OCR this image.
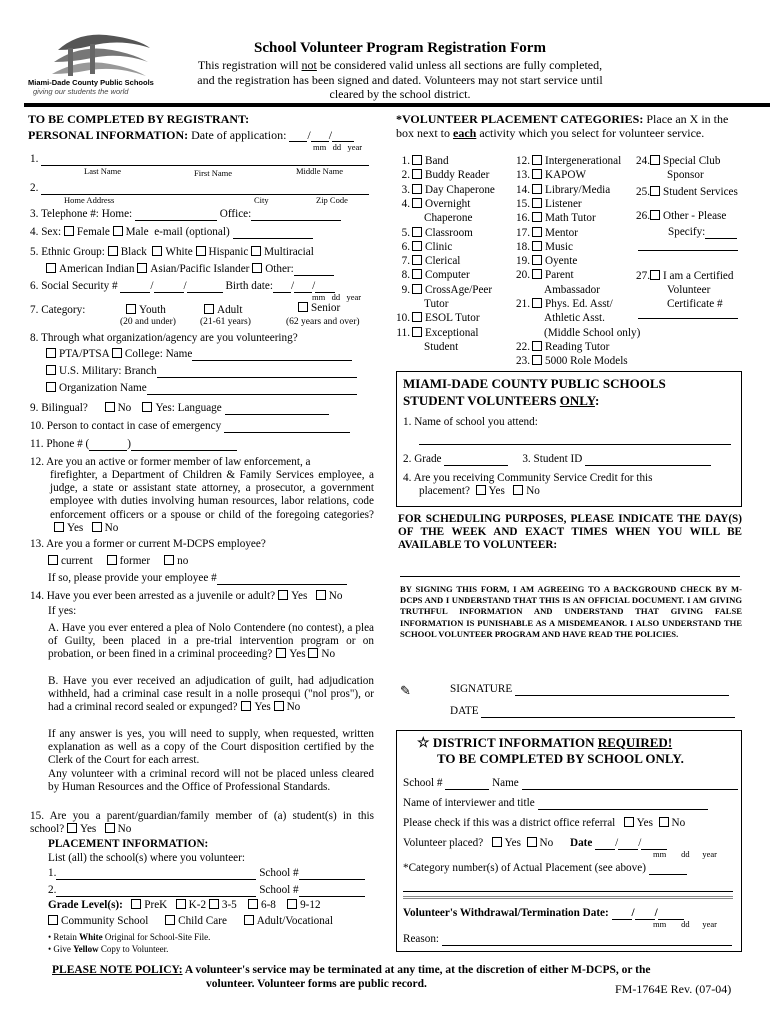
Miami-Dade County Public Schools
giving our students the world
School Volunteer Program Registration Form
This registration will not be considered valid unless all sections are fully completed,
and the registration has been signed and dated. Volunteers may not start service until
cleared by the school district.
TO BE COMPLETED BY REGISTRANT:
PERSONAL INFORMATION: Date of application: / /
mm dd year
1.
Last Name	First Name	Middle Name
2.
Home Address	City	Zip Code
3. Telephone #: Home:	Office:
4. Sex: Female Male e-mail (optional)
5. Ethnic Group: Black White Hispanic Multiracial
American Indian Asian/Pacific Islander Other:
6. Social Security #	/	/	Birth date: / /
mm dd year
7. Category:	Youth	Adult	Senior
(20 and under)	(21-61 years)	(62 years and over)
8. Through what organization/agency are you volunteering?
PTA/PTSA College: Name
U.S. Military: Branch
Organization Name
9. Bilingual?	No Yes: Language
10. Person to contact in case of emergency
11. Phone # (	)
12. Are you an active or former member of law enforcement, a
firefighter, a Department of Children & Family Services employee, a judge, a state or assistant state attorney, a prosecutor, a government employee with duties involving human resources, labor relations, code enforcement officers or a spouse or child of the foregoing categories?Yes No
13. Are you a former or current M-DCPS employee?
current former no
If so, please provide your employee #
14. Have you ever been arrested as a juvenile or adult? Yes No
If yes:
A. Have you ever entered a plea of Nolo Contendere (no contest), a plea of Guilty, been placed in a pre-trial intervention program or on probation, or been fined in a criminal proceeding? Yes No
B. Have you ever received an adjudication of guilt, had adjudication withheld, had a criminal case result in a nolle prosequi ("nol pros"), or had a criminal record sealed or expunged? Yes No
If any answer is yes, you will need to supply, when requested, written explanation as well as a copy of the Court disposition certified by the Clerk of the Court for each arrest.
Any volunteer with a criminal record will not be placed unless cleared by Human Resources and the Office of Professional Standards.
15. Are you a parent/guardian/family member of (a) student(s) in this school? Yes No
PLACEMENT INFORMATION:
List (all) the school(s) where you volunteer:
1.	School #
2.	School #
Grade Level(s): PreK K-2 3-5 6-8 9-12
Community School	Child Care	Adult/Vocational
• Retain White Original for School-Site File.
• Give Yellow Copy to Volunteer.
*VOLUNTEER PLACEMENT CATEGORIES: Place an X in the box next to each activity which you select for volunteer service.
1. Band
2. Buddy Reader
3. Day Chaperone
4. Overnight
Chaperone
5. Classroom
6. Clinic
7. Clerical
8. Computer
9. CrossAge/Peer
Tutor
10. ESOL Tutor
11. Exceptional
Student
12. Intergenerational
13. KAPOW
14. Library/Media
15. Listener
16. Math Tutor
17. Mentor
18. Music
19. Oyente
20. Parent
Ambassador
21. Phys. Ed. Asst/
Athletic Asst.
(Middle School only)
22. Reading Tutor
23. 5000 Role Models
24. Special Club
Sponsor
25. Student Services
26. Other - Please
Specify:
27. I am a Certified
Volunteer
Certificate #
MIAMI-DADE COUNTY PUBLIC SCHOOLS
STUDENT VOLUNTEERS ONLY:
1. Name of school you attend:
2. Grade	3. Student ID
4. Are you receiving Community Service Credit for this
placement? Yes No
FOR SCHEDULING PURPOSES, PLEASE INDICATE THE DAY(S) OF THE WEEK AND EXACT TIMES WHEN YOU WILL BE AVAILABLE TO VOLUNTEER:
BY SIGNING THIS FORM, I AM AGREEING TO A BACKGROUND CHECK BY M-DCPS AND I UNDERSTAND THAT THIS IS AN OFFICIAL DOCUMENT. I AM GIVING TRUTHFUL INFORMATION AND UNDERSTAND THAT GIVING FALSE INFORMATION IS PUNISHABLE AS A MISDEMEANOR. I ALSO UNDERSTAND THE SCHOOL VOLUNTEER PROGRAM AND HAVE READ THE POLICIES.
✎	SIGNATURE
DATE
☆ DISTRICT INFORMATION REQUIRED!
TO BE COMPLETED BY SCHOOL ONLY.
School #	Name
Name of interviewer and title
Please check if this was a district office referral Yes No
Volunteer placed? Yes No Date / /
mm dd year
*Category number(s) of Actual Placement (see above)
Volunteer's Withdrawal/Termination Date: / /
mm dd year
Reason:
PLEASE NOTE POLICY: A volunteer's service may be terminated at any time, at the discretion of either M-DCPS, or the
volunteer. Volunteer forms are public record.	FM-1764E Rev. (07-04)
